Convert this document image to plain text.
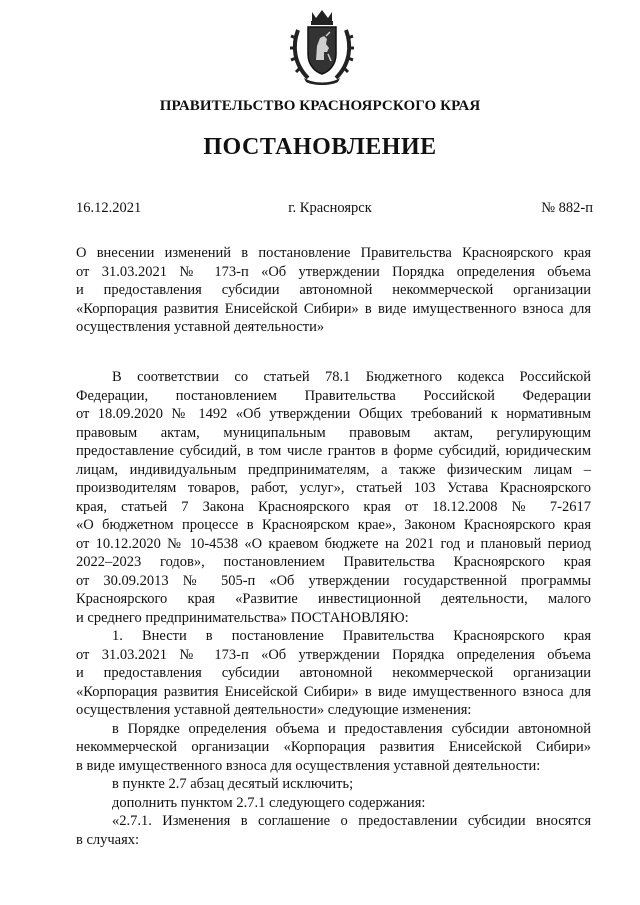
ПРАВИТЕЛЬСТВО КРАСНОЯРСКОГО КРАЯ
ПОСТАНОВЛЕНИЕ
16.12.2021	г. Красноярск	№ 882-п
О внесении изменений в постановление Правительства Красноярского края
от 31.03.2021 № 173-п «Об утверждении Порядка определения объема
и предоставления субсидии автономной некоммерческой организации
«Корпорация развития Енисейской Сибири» в виде имущественного взноса для
осуществления уставной деятельности»
В соответствии со статьей 78.1 Бюджетного кодекса Российской
Федерации, постановлением Правительства Российской Федерации
от 18.09.2020 № 1492 «Об утверждении Общих требований к нормативным
правовым актам, муниципальным правовым актам, регулирующим
предоставление субсидий, в том числе грантов в форме субсидий, юридическим
лицам, индивидуальным предпринимателям, а также физическим лицам –
производителям товаров, работ, услуг», статьей 103 Устава Красноярского
края, статьей 7 Закона Красноярского края от 18.12.2008 № 7-2617
«О бюджетном процессе в Красноярском крае», Законом Красноярского края
от 10.12.2020 № 10-4538 «О краевом бюджете на 2021 год и плановый период
2022–2023 годов», постановлением Правительства Красноярского края
от 30.09.2013 № 505-п «Об утверждении государственной программы
Красноярского края «Развитие инвестиционной деятельности, малого
и среднего предпринимательства» ПОСТАНОВЛЯЮ:
1. Внести в постановление Правительства Красноярского края
от 31.03.2021 № 173-п «Об утверждении Порядка определения объема
и предоставления субсидии автономной некоммерческой организации
«Корпорация развития Енисейской Сибири» в виде имущественного взноса для
осуществления уставной деятельности» следующие изменения:
в Порядке определения объема и предоставления субсидии автономной
некоммерческой организации «Корпорация развития Енисейской Сибири»
в виде имущественного взноса для осуществления уставной деятельности:
в пункте 2.7 абзац десятый исключить;
дополнить пунктом 2.7.1 следующего содержания:
«2.7.1. Изменения в соглашение о предоставлении субсидии вносятся
в случаях:
